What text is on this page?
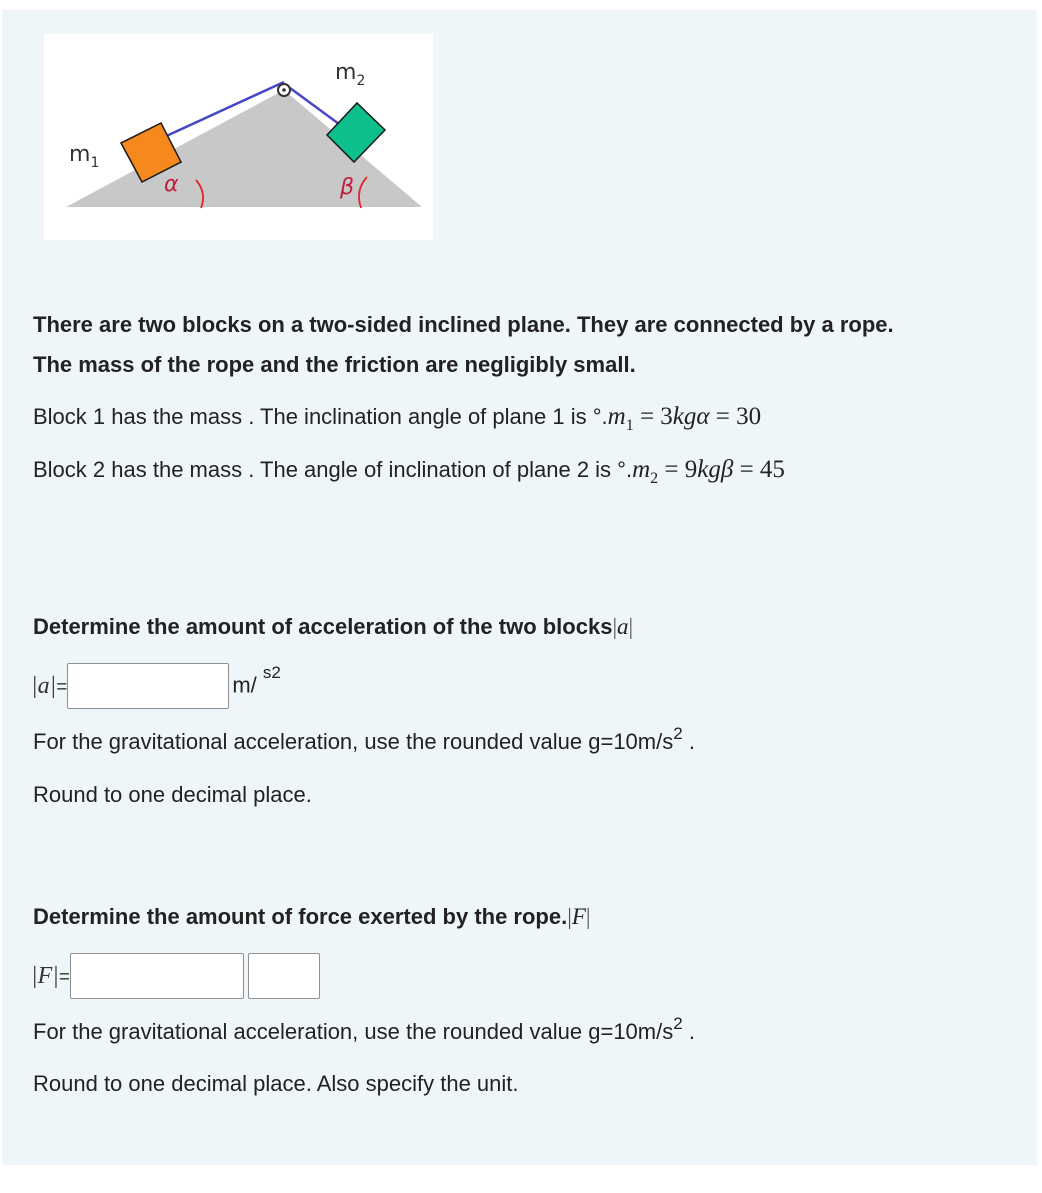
$m_1$
$m_2$
α	β
There are two blocks on a two-sided inclined plane. They are connected by a rope.
The mass of the rope and the friction are negligibly small.
Block 1 has the mass . The inclination angle of plane 1 is $^\circ.m_1 = 3kg\alpha = 30$
Block 2 has the mass . The angle of inclination of plane 2 is $^\circ.m_2 = 9kg\beta = 45$
Determine the amount of acceleration of the two blocks|a|
|a|=	m/ $^{s2}$
For the gravitational acceleration, use the rounded value $g=10m/s^2$ .
Round to one decimal place.
Determine the amount of force exerted by the rope.|F|
|F|=
For the gravitational acceleration, use the rounded value $g=10m/s^2$ .
Round to one decimal place. Also specify the unit.
